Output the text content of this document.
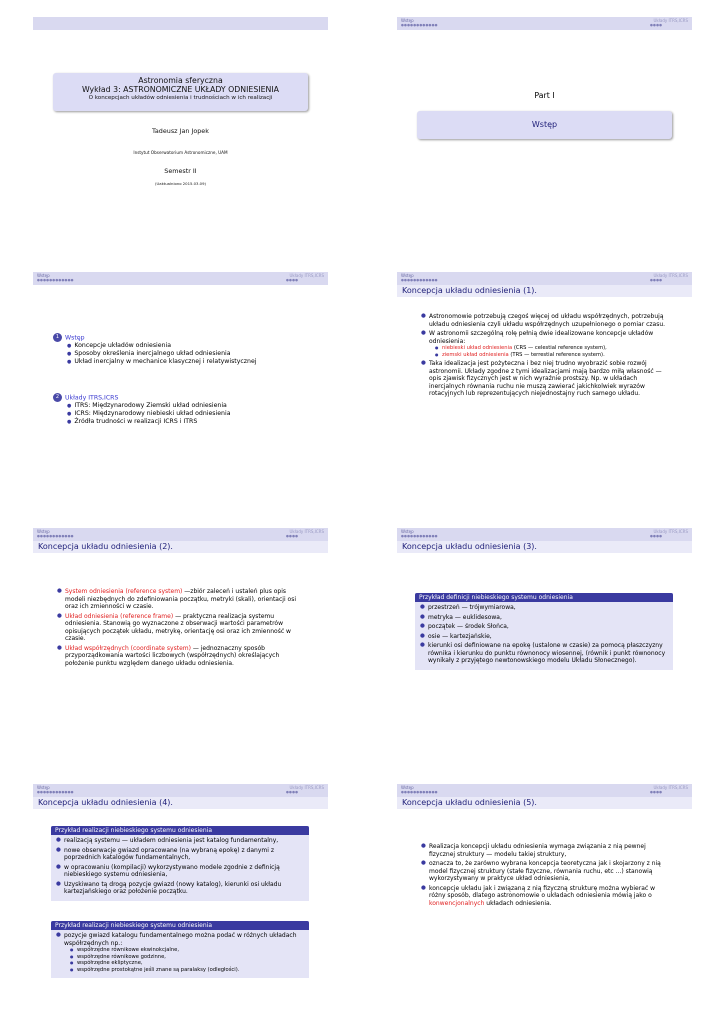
Astronomia sferyczna
Wykład 3: ASTRONOMICZNE UKŁADY ODNIESIENIA
O koncepcjach układów odniesienia i trudnościach w ich realizacji
Tadeusz Jan Jopek
Instytut Obserwatorium Astronomiczne, UAM
Semestr II
(Uaktualniono 2015.03.09)
Wstęp	Układy ITRS,ICRS
●●●●●●●●●●●●	●●●●
Part I
Wstęp
Wstęp	Układy ITRS,ICRS
●●●●●●●●●●●●	●●●●
1 Wstęp
● Koncepcje układów odniesienia
● Sposoby określenia inercjalnego układ odniesienia
● Układ inercjalny w mechanice klasycznej i relatywistycznej
2 Układy ITRS,ICRS
● ITRS: Międzynarodowy Ziemski układ odniesienia
● ICRS: Międzynarodowy niebieski układ odniesienia
● Źródła trudności w realizacji ICRS i ITRS
Wstęp	Układy ITRS,ICRS
●●●●●●●●●●●●	●●●●
Koncepcja układu odniesienia (1).
● Astronomowie potrzebują czegoś więcej od układu współrzędnych, potrzebują układu odniesienia czyli układu współrzędnych uzupełnionego o pomiar czasu.
● W astronomii szczególną rolę pełnią dwie idealizowane koncepcje układów odniesienia:
● niebieski układ odniesienia (CRS — celestial reference system),
● ziemski układ odniesienia (TRS — terrestial reference system).
● Taka idealizacja jest pożyteczna i bez niej trudno wyobrazić sobie rozwój astronomii. Układy zgodne z tymi idealizacjami mają bardzo miłą własność — opis zjawisk fizycznych jest w nich wyraźnie prostszy. Np. w układach inercjalnych równania ruchu nie muszą zawierać jakichkolwiek wyrazów rotacyjnych lub reprezentujących niejednostajny ruch samego układu.
Wstęp	Układy ITRS,ICRS
●●●●●●●●●●●●	●●●●
Koncepcja układu odniesienia (2).
● System odniesienia (reference system) —zbiór zaleceń i ustaleń plus opis modeli niezbędnych do zdefiniowania początku, metryki (skali), orientacji osi oraz ich zmienności w czasie.
● Układ odniesienia (reference frame) — praktyczna realizacja systemu odniesienia. Stanowią go wyznaczone z obserwacji wartości parametrów opisujących początek układu, metrykę, orientację osi oraz ich zmienność w czasie.
● Układ współrzędnych (coordinate system) — jednoznaczny sposób przyporządkowania wartości liczbowych (współrzędnych) określających położenie punktu względem danego układu odniesienia.
Wstęp	Układy ITRS,ICRS
●●●●●●●●●●●●	●●●●
Koncepcja układu odniesienia (3).
Przykład definicji niebieskiego systemu odniesienia
● przestrzeń — trójwymiarowa,
● metryka — euklidesowa,
● początek — środek Słońca,
● osie — kartezjańskie,
● kierunki osi definiowane na epokę (ustalone w czasie) za pomocą płaszczyzny równika i kierunku do punktu równonocy wiosennej, (równik i punkt równonocy wynikały z przyjętego newtonowskiego modelu Układu Słonecznego).
Wstęp	Układy ITRS,ICRS
●●●●●●●●●●●●	●●●●
Koncepcja układu odniesienia (4).
Przykład realizacji niebieskiego systemu odniesienia
● realizacją systemu — układem odniesienia jest katalog fundamentalny,
● nowe obserwacje gwiazd opracowane (na wybraną epokę) z danymi z poprzednich katalogów fundamentalnych,
● w opracowaniu (kompilacji) wykorzystywano modele zgodnie z definicją niebieskiego systemu odniesienia,
● Uzyskiwano tą drogą pozycje gwiazd (nowy katalog), kierunki osi układu kartezjańskiego oraz położenie początku.
Przykład realizacji niebieskiego systemu odniesienia
● pozycje gwiazd katalogu fundamentalnego można podać w różnych układach współrzędnych np.:
● współrzędne równikowe ekwinokcjalne,
● współrzędne równikowe godzinne,
● współrzędne ekliptyczne,
● współrzędne prostokątne jeśli znane są paralaksy (odległości).
Wstęp	Układy ITRS,ICRS
●●●●●●●●●●●●	●●●●
Koncepcja układu odniesienia (5).
● Realizacja koncepcji układu odniesienia wymaga związania z nią pewnej fizycznej struktury — modelu takiej struktury,
● oznacza to, że zarówno wybrana koncepcja teoretyczna jak i skojarzony z nią model fizycznej struktury (stałe fizyczne, równania ruchu, etc ...) stanowią wykorzystywany w praktyce układ odniesienia,
● koncepcje układu jak i związaną z nią fizyczną strukturę można wybierać w różny sposób, dlatego astronomowie o układach odniesienia mówią jako o konwencjonalnych układach odniesienia.
